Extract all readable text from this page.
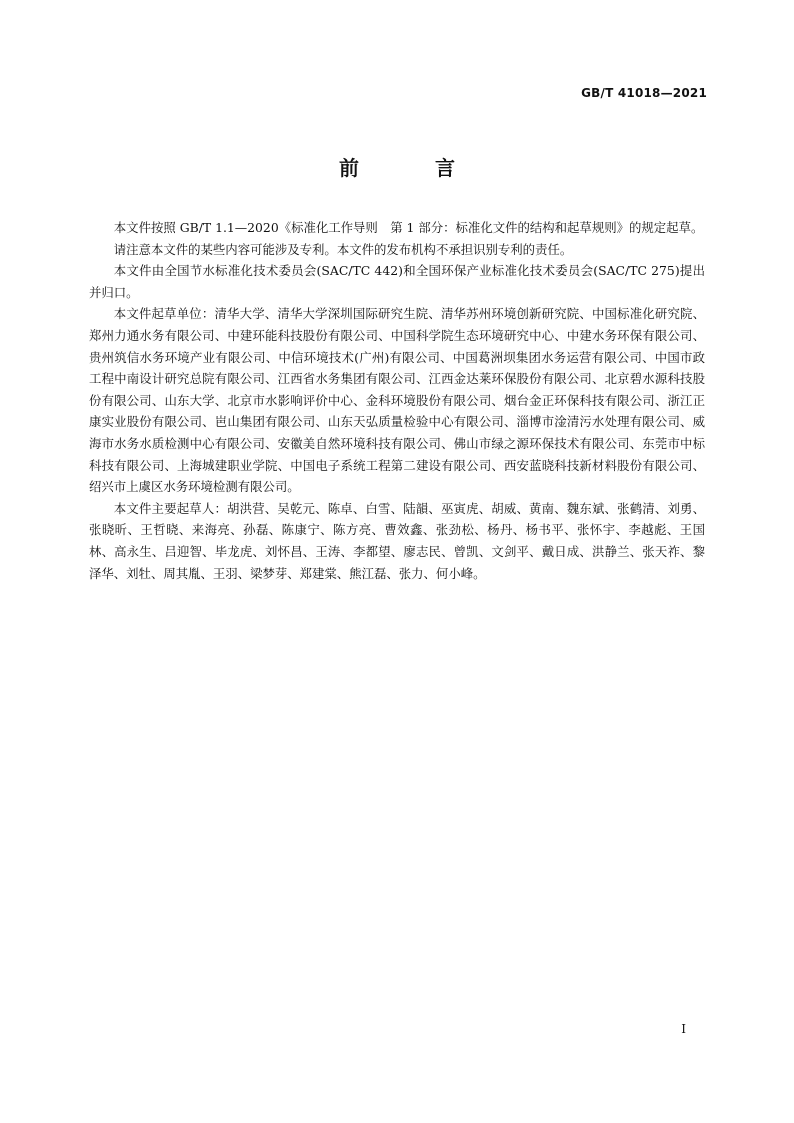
GB/T 41018—2021
前　言

本文件按照 GB/T 1.1—2020《标准化工作导则　第 1 部分：标准化文件的结构和起草规则》的规定起草。

请注意本文件的某些内容可能涉及专利。本文件的发布机构不承担识别专利的责任。

本文件由全国节水标准化技术委员会(SAC/TC 442)和全国环保产业标准化技术委员会(SAC/TC 275)提出并归口。

本文件起草单位：清华大学、清华大学深圳国际研究生院、清华苏州环境创新研究院、中国标准化研究院、郑州力通水务有限公司、中建环能科技股份有限公司、中国科学院生态环境研究中心、中建水务环保有限公司、贵州筑信水务环境产业有限公司、中信环境技术(广州)有限公司、中国葛洲坝集团水务运营有限公司、中国市政工程中南设计研究总院有限公司、江西省水务集团有限公司、江西金达莱环保股份有限公司、北京碧水源科技股份有限公司、山东大学、北京市水影响评价中心、金科环境股份有限公司、烟台金正环保科技有限公司、浙江正康实业股份有限公司、岜山集团有限公司、山东天弘质量检验中心有限公司、淄博市淦清污水处理有限公司、威海市水务水质检测中心有限公司、安徽美自然环境科技有限公司、佛山市绿之源环保技术有限公司、东莞市中标科技有限公司、上海城建职业学院、中国电子系统工程第二建设有限公司、西安蓝晓科技新材料股份有限公司、绍兴市上虞区水务环境检测有限公司。

本文件主要起草人：胡洪营、吴乾元、陈卓、白雪、陆韻、巫寅虎、胡威、黄南、魏东斌、张鹤清、刘勇、张晓昕、王哲晓、来海亮、孙磊、陈康宁、陈方亮、曹效鑫、张劲松、杨丹、杨书平、张怀宇、李越彪、王国林、高永生、吕迎智、毕龙虎、刘怀昌、王涛、李都望、廖志民、曾凯、文剑平、戴日成、洪静兰、张天祚、黎泽华、刘牡、周其胤、王羽、梁梦芽、郑建棠、熊江磊、张力、何小峰。

I
